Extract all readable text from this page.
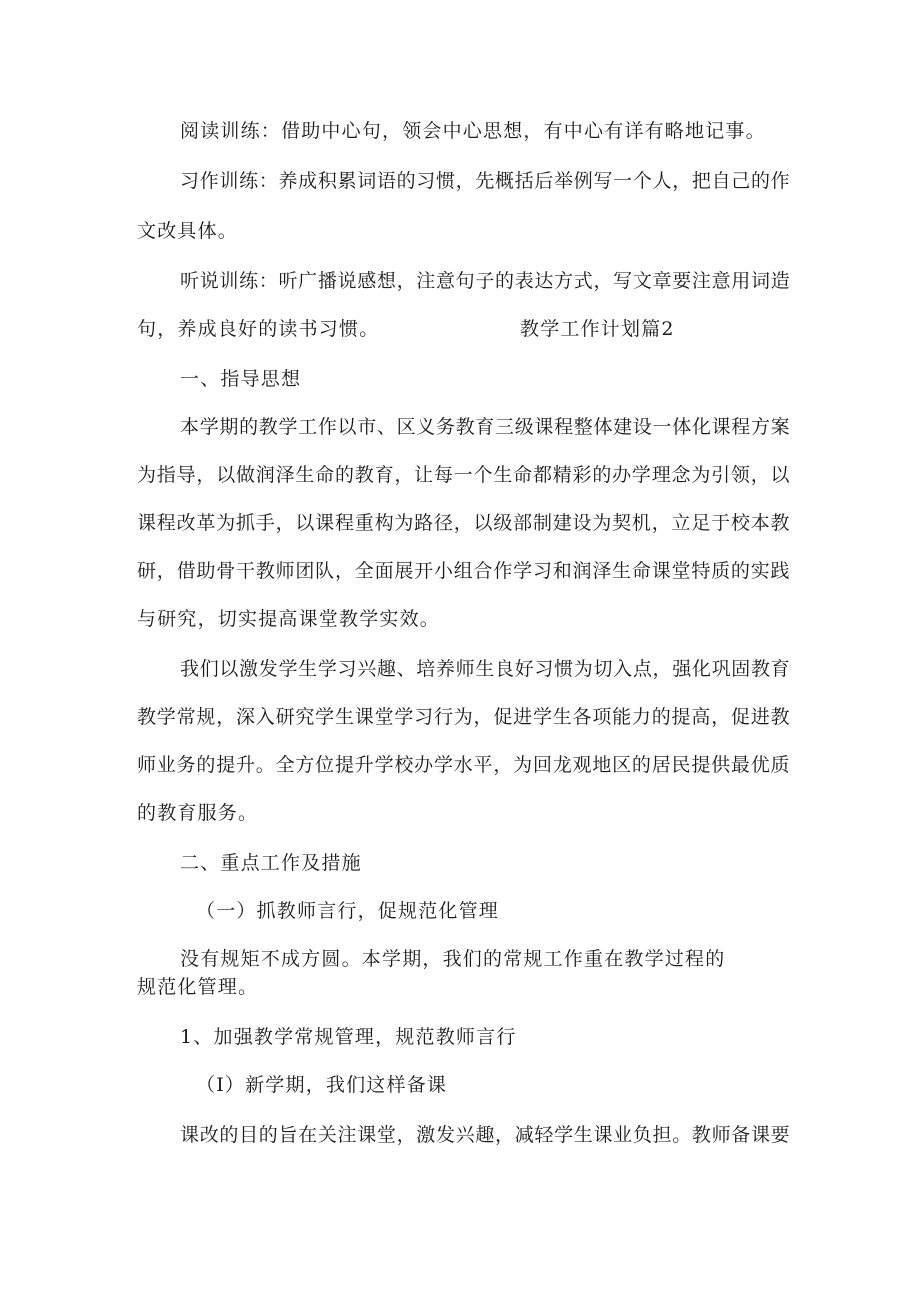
阅读训练：借助中心句，领会中心思想，有中心有详有略地记事。
习 作 训 练 ： 养 成 积 累 词 语 的 习 惯 ， 先 概 括 后 举 例 写 一 个 人 ， 把 自 己 的 作
文改具体。
听 说 训 练 ： 听 广 播 说 感 想 ， 注 意 句 子 的 表 达 方 式 ， 写 文 章 要 注 意 用 词 造
句，养成良好的读书习惯。	教学工作计划篇2
一、指导思想
本 学 期 的 教 学 工 作 以 市 、 区 义 务 教 育 三 级 课 程 整 体 建 设 一 体 化 课 程 方 案
为 指 导 ， 以 做 润 泽 生 命 的 教 育 ， 让 每 一 个 生 命 都 精 彩 的 办 学 理 念 为 引 领 ， 以
课 程 改 革 为 抓 手 ， 以 课 程 重 构 为 路 径 ， 以 级 部 制 建 设 为 契 机 ， 立 足 于 校 本 教
研 ， 借 助 骨 干 教 师 团 队 ， 全 面 展 开 小 组 合 作 学 习 和 润 泽 生 命 课 堂 特 质 的 实 践
与研究，切实提高课堂教学实效。
我 们 以 激 发 学 生 学 习 兴 趣 、 培 养 师 生 良 好 习 惯 为 切 入 点 ， 强 化 巩 固 教 育
教 学 常 规 ， 深 入 研 究 学 生 课 堂 学 习 行 为 ， 促 进 学 生 各 项 能 力 的 提 高 ， 促 进 教
师 业 务 的 提 升 。 全 方 位 提 升 学 校 办 学 水 平 ， 为 回 龙 观 地 区 的 居 民 提 供 最 优 质
的教育服务。
二、重点工作及措施
（一）抓教师言行，促规范化管理
没有规矩不成方圆。本学期，我们的常规工作重在教学过程的
规范化管理。
1、加强教学常规管理，规范教师言行
（I）新学期，我们这样备课
课 改 的 目 的 旨 在 关 注 课 堂 ， 激 发 兴 趣 ， 减 轻 学 生 课 业 负 担 。 教 师 备 课 要
